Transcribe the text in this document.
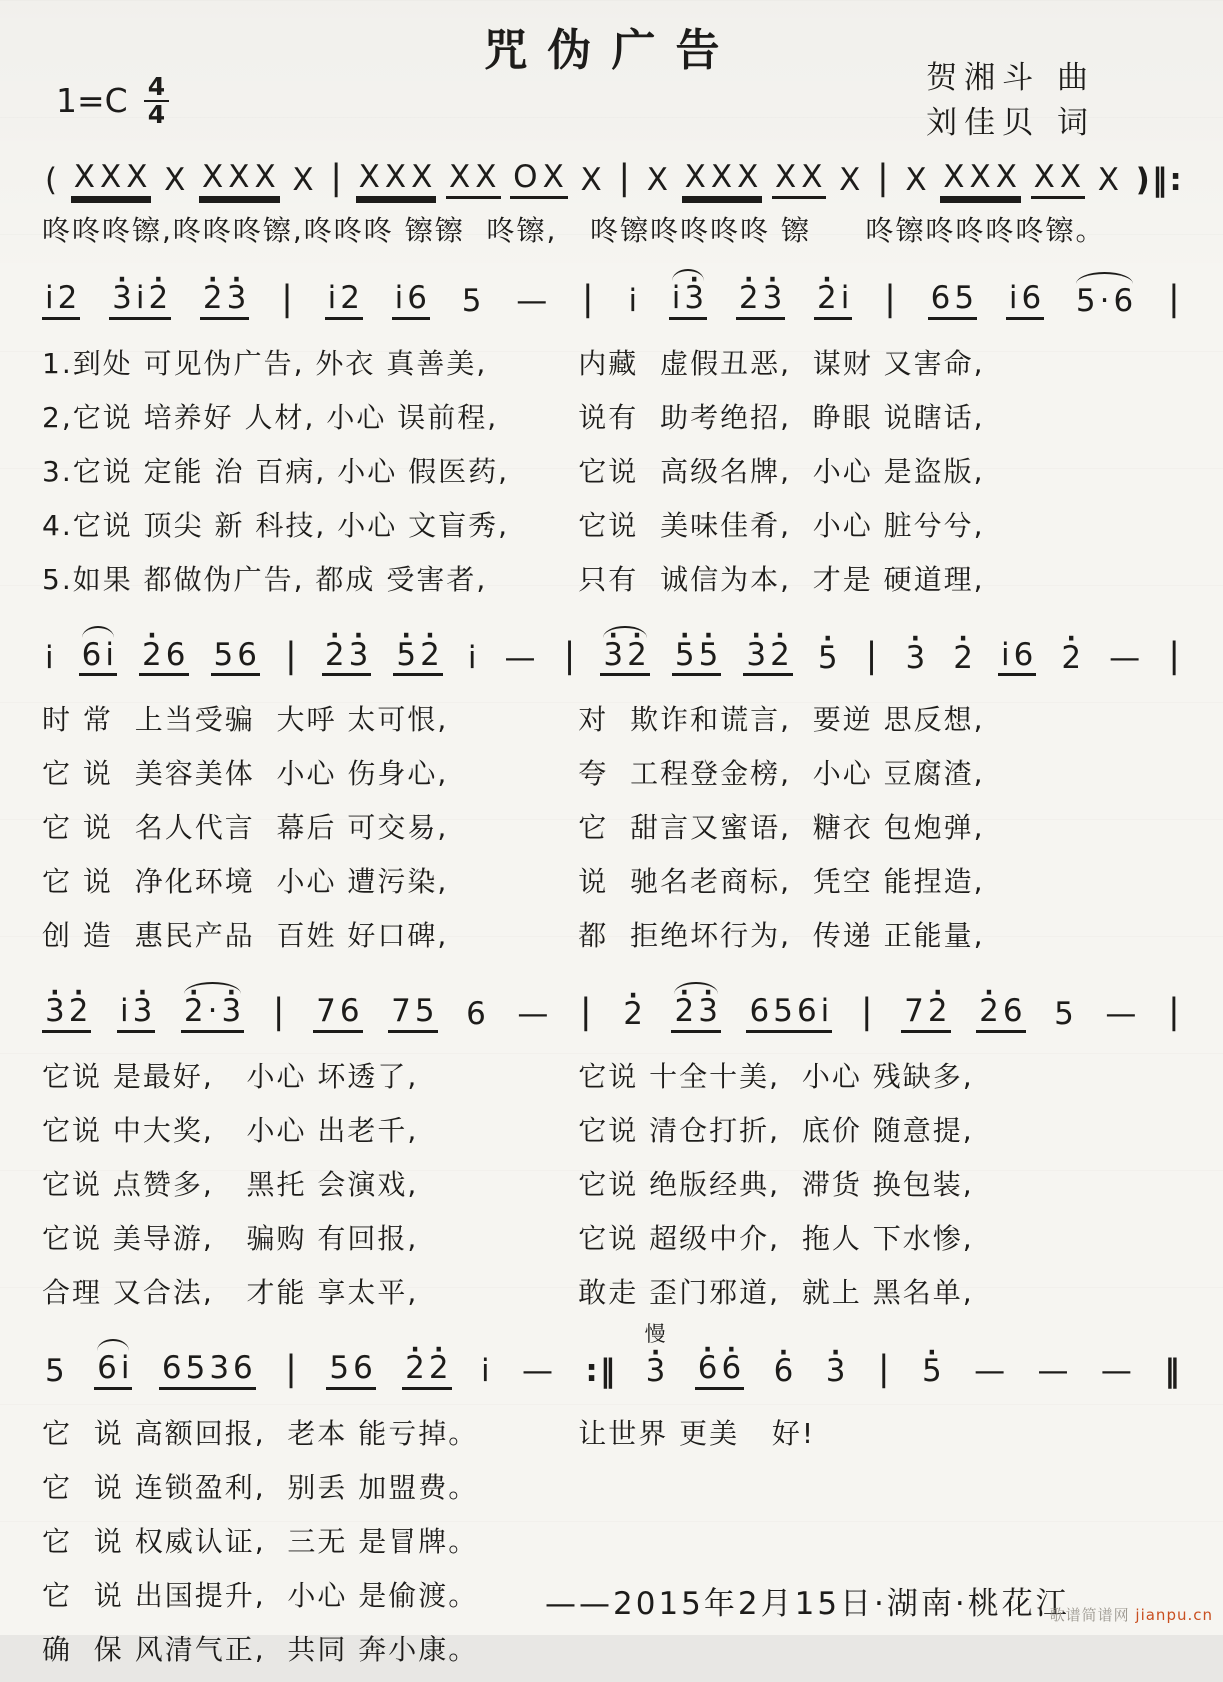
咒伪广告
贺湘斗 曲
刘佳贝 词
$1=C \frac{4}{4}$
( X X X X X X X X | X X X X X O X X | X X X X X X X | X X X X X X X ) ‖ :
咚咚咚镲,咚咚咚镲,咚咚咚 镲镲  咚镲,   咚镲咚咚咚咚 镲     咚镲咚咚咚咚镲。
i 2 3 · i 2 · 2 · 3 · | i 2 i 6 5 — | i i 3 · 2 · 3 · 2 · i | 6 5 i 6 5 · 6 |
1.到处 可见伪广告, 外衣 真善美,	内藏  虚假丑恶,  谋财 又害命,
2,它说 培养好 人材, 小心 误前程,	说有  助考绝招,  睁眼 说瞎话,
3.它说 定能 治 百病, 小心 假医药,	它说  高级名牌,  小心 是盗版,
4.它说 顶尖 新 科技, 小心 文盲秀,	它说  美味佳肴,  小心 脏兮兮,
5.如果 都做伪广告, 都成 受害者,	只有  诚信为本,  才是 硬道理,
i 6 i 2 · 6 5 6 | 2 · 3 · 5 · 2 · i — | 3 · 2 · 5 · 5 · 3 · 2 · 5 · | 3 · 2 · i 6 2 · — |
时 常  上当受骗  大呼 太可恨,	对  欺诈和谎言,  要逆 思反想,
它 说  美容美体  小心 伤身心,	夸  工程登金榜,  小心 豆腐渣,
它 说  名人代言  幕后 可交易,	它  甜言又蜜语,  糖衣 包炮弹,
它 说  净化环境  小心 遭污染,	说  驰名老商标,  凭空 能捏造,
创 造  惠民产品  百姓 好口碑,	都  拒绝坏行为,  传递 正能量,
3 · 2 · i 3 · 2 · · 3 · | 7 6 7 5 6 — | 2 · 2 · 3 · 6 5 6 i | 7 2 · 2 · 6 5 — |
它说 是最好,   小心 坏透了,	它说 十全十美,  小心 残缺多,
它说 中大奖,   小心 出老千,	它说 清仓打折,  底价 随意提,
它说 点赞多,   黑托 会演戏,	它说 绝版经典,  滞货 换包装,
它说 美导游,   骗购 有回报,	它说 超级中介,  拖人 下水惨,
合理 又合法,   才能 享太平,	敢走 歪门邪道,  就上 黑名单,
5 6 i 6 5 3 6 | 5 6 2 · 2 · i — : ‖
慢
3 · 6 · 6 · 6 · 3 · | 5 · — — — ‖
它  说 高额回报,  老本 能亏掉。	让世界 更美   好!
它  说 连锁盈利,  别丢 加盟费。
它  说 权威认证,  三无 是冒牌。
它  说 出国提升,  小心 是偷渡。
确  保 风清气正,  共同 奔小康。
——2015年2月15日·湖南·桃花江
歌谱简谱网 jianpu.cn
